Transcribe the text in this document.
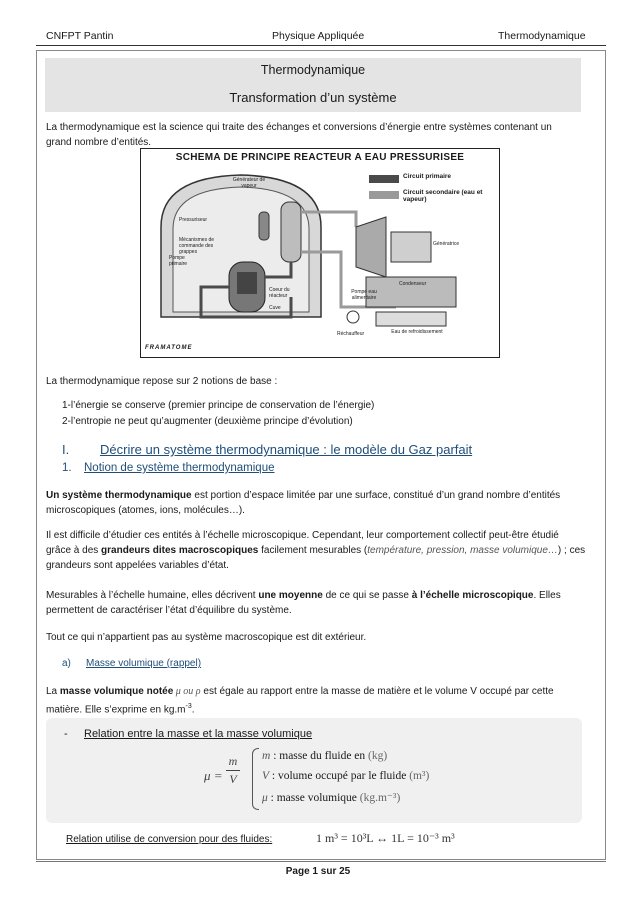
CNFPT Pantin	Physique Appliquée	Thermodynamique
Thermodynamique
Transformation d’un système
La thermodynamique est la science qui traite des échanges et conversions d’énergie entre systèmes contenant un
grand nombre d’entités.
SCHEMA DE PRINCIPE REACTEUR A EAU PRESSURISEE
Circuit primaire
Circuit secondaire (eau et vapeur)
Générateur de vapeur
Pressuriseur
Mécanismes de commande des grappes
Pompe primaire
Coeur du réacteur
Cuve
Génératrice
Condenseur
Pompe eau alimentaire
Réchauffeur	Eau de refroidissement
FRAMATOME
La thermodynamique repose sur 2 notions de base :
1-l’énergie se conserve (premier principe de conservation de l’énergie)
2-l’entropie ne peut qu’augmenter (deuxième principe d’évolution)
I. Décrire un système thermodynamique : le modèle du Gaz parfait
1. Notion de système thermodynamique
Un système thermodynamique est portion d’espace limitée par une surface, constitué d’un grand nombre d’entités
microscopiques (atomes, ions, molécules…).
Il est difficile d’étudier ces entités à l’échelle microscopique. Cependant, leur comportement collectif peut-être étudié
grâce à des grandeurs dites macroscopiques facilement mesurables (température, pression, masse volumique…) ; ces
grandeurs sont appelées variables d’état.
Mesurables à l’échelle humaine, elles décrivent une moyenne de ce qui se passe à l’échelle microscopique. Elles
permettent de caractériser l’état d’équilibre du système.
Tout ce qui n’appartient pas au système macroscopique est dit extérieur.
a) Masse volumique (rappel)
La masse volumique notée μ ou ρ est égale au rapport entre la masse de matière et le volume V occupé par cette
matière. Elle s’exprime en $kg.m^{-3}$.
- Relation entre la masse et la masse volumique
μ =
m
V
m : masse du fluide en (kg)
V : volume occupé par le fluide (m³)
μ : masse volumique (kg.m⁻³)
Relation utilise de conversion pour des fluides:	1 m³ = 10³L ↔ 1L = 10⁻³ m³
Page 1 sur 25
